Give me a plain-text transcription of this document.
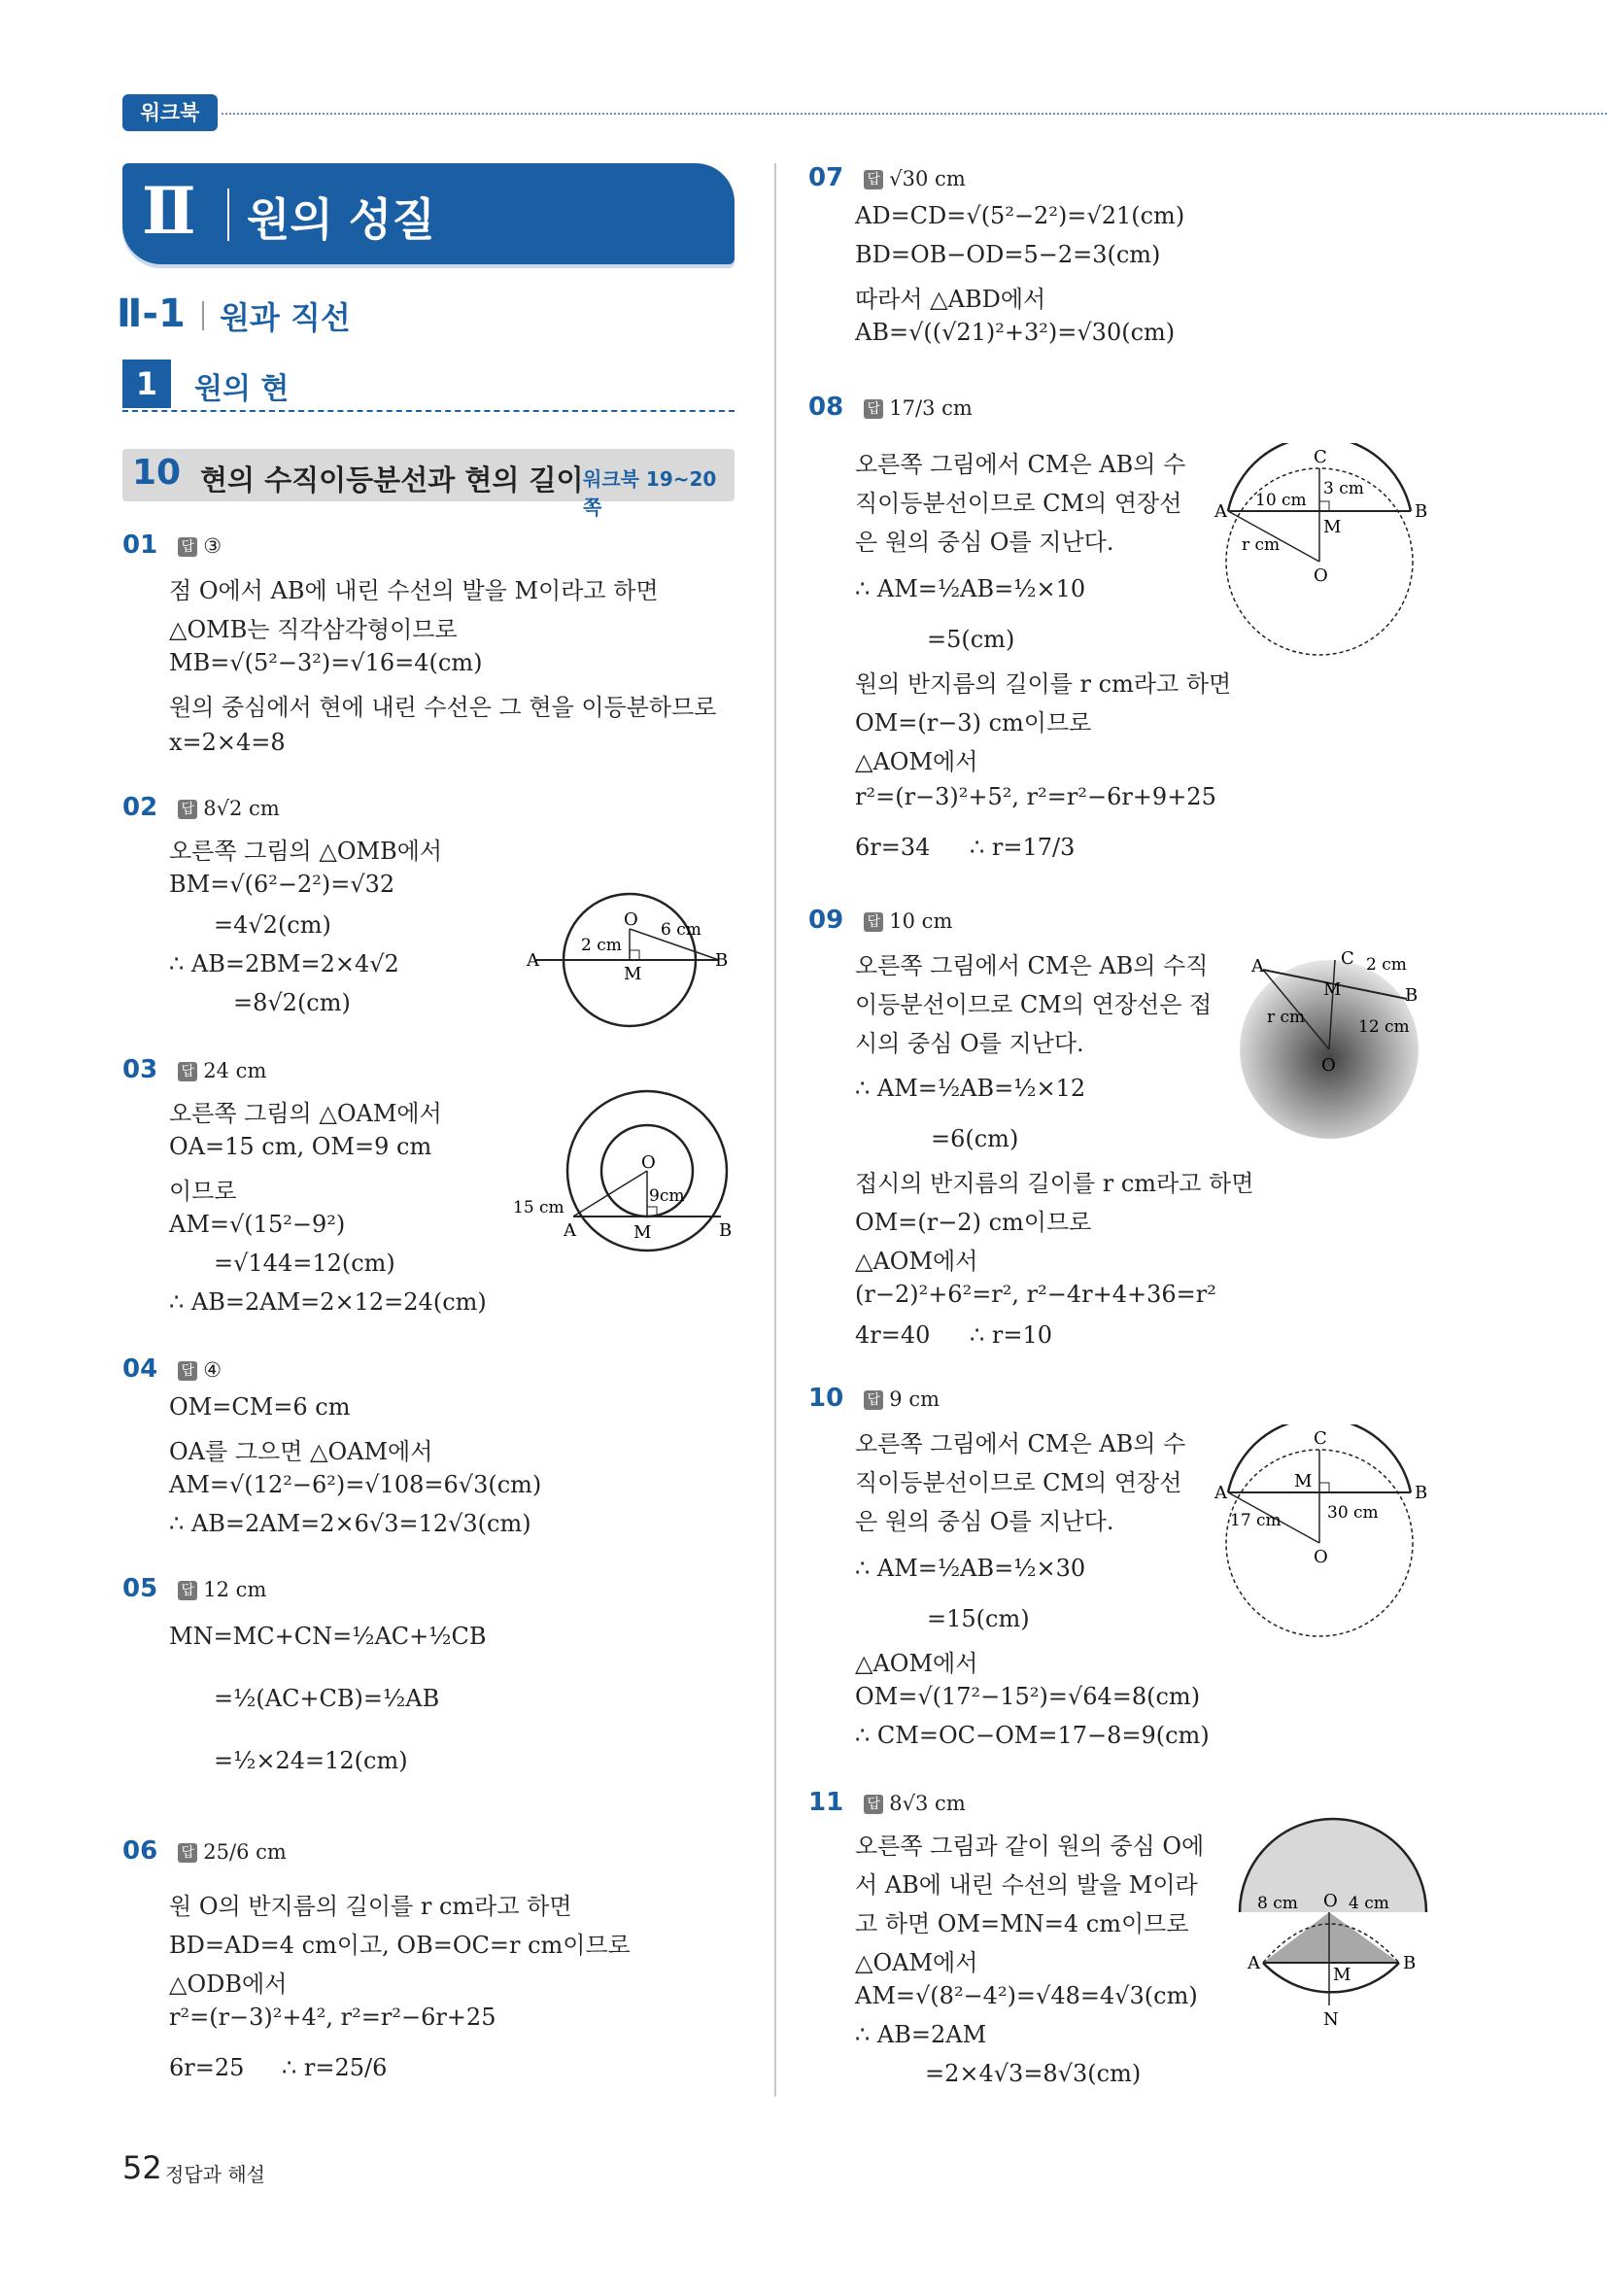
워크북
Ⅱ 원의 성질
Ⅱ-1 원과 직선
1	원의 현
10 현의 수직이등분선과 현의 길이 워크북 19~20쪽
01 답 ③
점 O에서 AB에 내린 수선의 발을 M이라고 하면
△OMB는 직각삼각형이므로
MB=√(5²−3²)=√16=4(cm)
원의 중심에서 현에 내린 수선은 그 현을 이등분하므로
x=2×4=8
02 답 8√2 cm
오른쪽 그림의 △OMB에서
BM=√(6²−2²)=√32
=4√2(cm)
∴ AB=2BM=2×4√2
=8√2(cm)
A	B
O
M
2 cm
6 cm
03 답 24 cm
오른쪽 그림의 △OAM에서
OA=15 cm, OM=9 cm
이므로
AM=√(15²−9²)
=√144=12(cm)
∴ AB=2AM=2×12=24(cm)
A	B
O
M
15 cm
9cm
04 답 ④
OM=CM=6 cm
OA를 그으면 △OAM에서
AM=√(12²−6²)=√108=6√3(cm)
∴ AB=2AM=2×6√3=12√3(cm)
05 답 12 cm
MN=MC+CN=½AC+½CB
=½(AC+CB)=½AB
=½×24=12(cm)
06 답 25/6 cm
원 O의 반지름의 길이를 r cm라고 하면
BD=AD=4 cm이고, OB=OC=r cm이므로
△ODB에서
r²=(r−3)²+4², r²=r²−6r+25
6r=25 ∴ r=25/6
07 답 √30 cm
AD=CD=√(5²−2²)=√21(cm)
BD=OB−OD=5−2=3(cm)
따라서 △ABD에서
AB=√((√21)²+3²)=√30(cm)
08 답 17/3 cm
오른쪽 그림에서 CM은 AB의 수
직이등분선이므로 CM의 연장선
은 원의 중심 O를 지난다.
∴ AM=½AB=½×10
=5(cm)
원의 반지름의 길이를 r cm라고 하면
OM=(r−3) cm이므로
△AOM에서
r²=(r−3)²+5², r²=r²−6r+9+25
6r=34 ∴ r=17/3
A	B
C
O
M
3 cm
10 cm
r cm
09 답 10 cm
오른쪽 그림에서 CM은 AB의 수직
이등분선이므로 CM의 연장선은 접
시의 중심 O를 지난다.
∴ AM=½AB=½×12
=6(cm)
접시의 반지름의 길이를 r cm라고 하면
OM=(r−2) cm이므로
△AOM에서
(r−2)²+6²=r², r²−4r+4+36=r²
4r=40 ∴ r=10
A
B
C
O
M
2 cm
r cm	12 cm
10 답 9 cm
오른쪽 그림에서 CM은 AB의 수
직이등분선이므로 CM의 연장선
은 원의 중심 O를 지난다.
∴ AM=½AB=½×30
=15(cm)
△AOM에서
OM=√(17²−15²)=√64=8(cm)
∴ CM=OC−OM=17−8=9(cm)
A	B
C
O
M
17 cm	30 cm
11 답 8√3 cm
오른쪽 그림과 같이 원의 중심 O에
서 AB에 내린 수선의 발을 M이라
고 하면 OM=MN=4 cm이므로
△OAM에서
AM=√(8²−4²)=√48=4√3(cm)
∴ AB=2AM
=2×4√3=8√3(cm)
A	B
O
M
N
8 cm	4 cm
52 정답과 해설
